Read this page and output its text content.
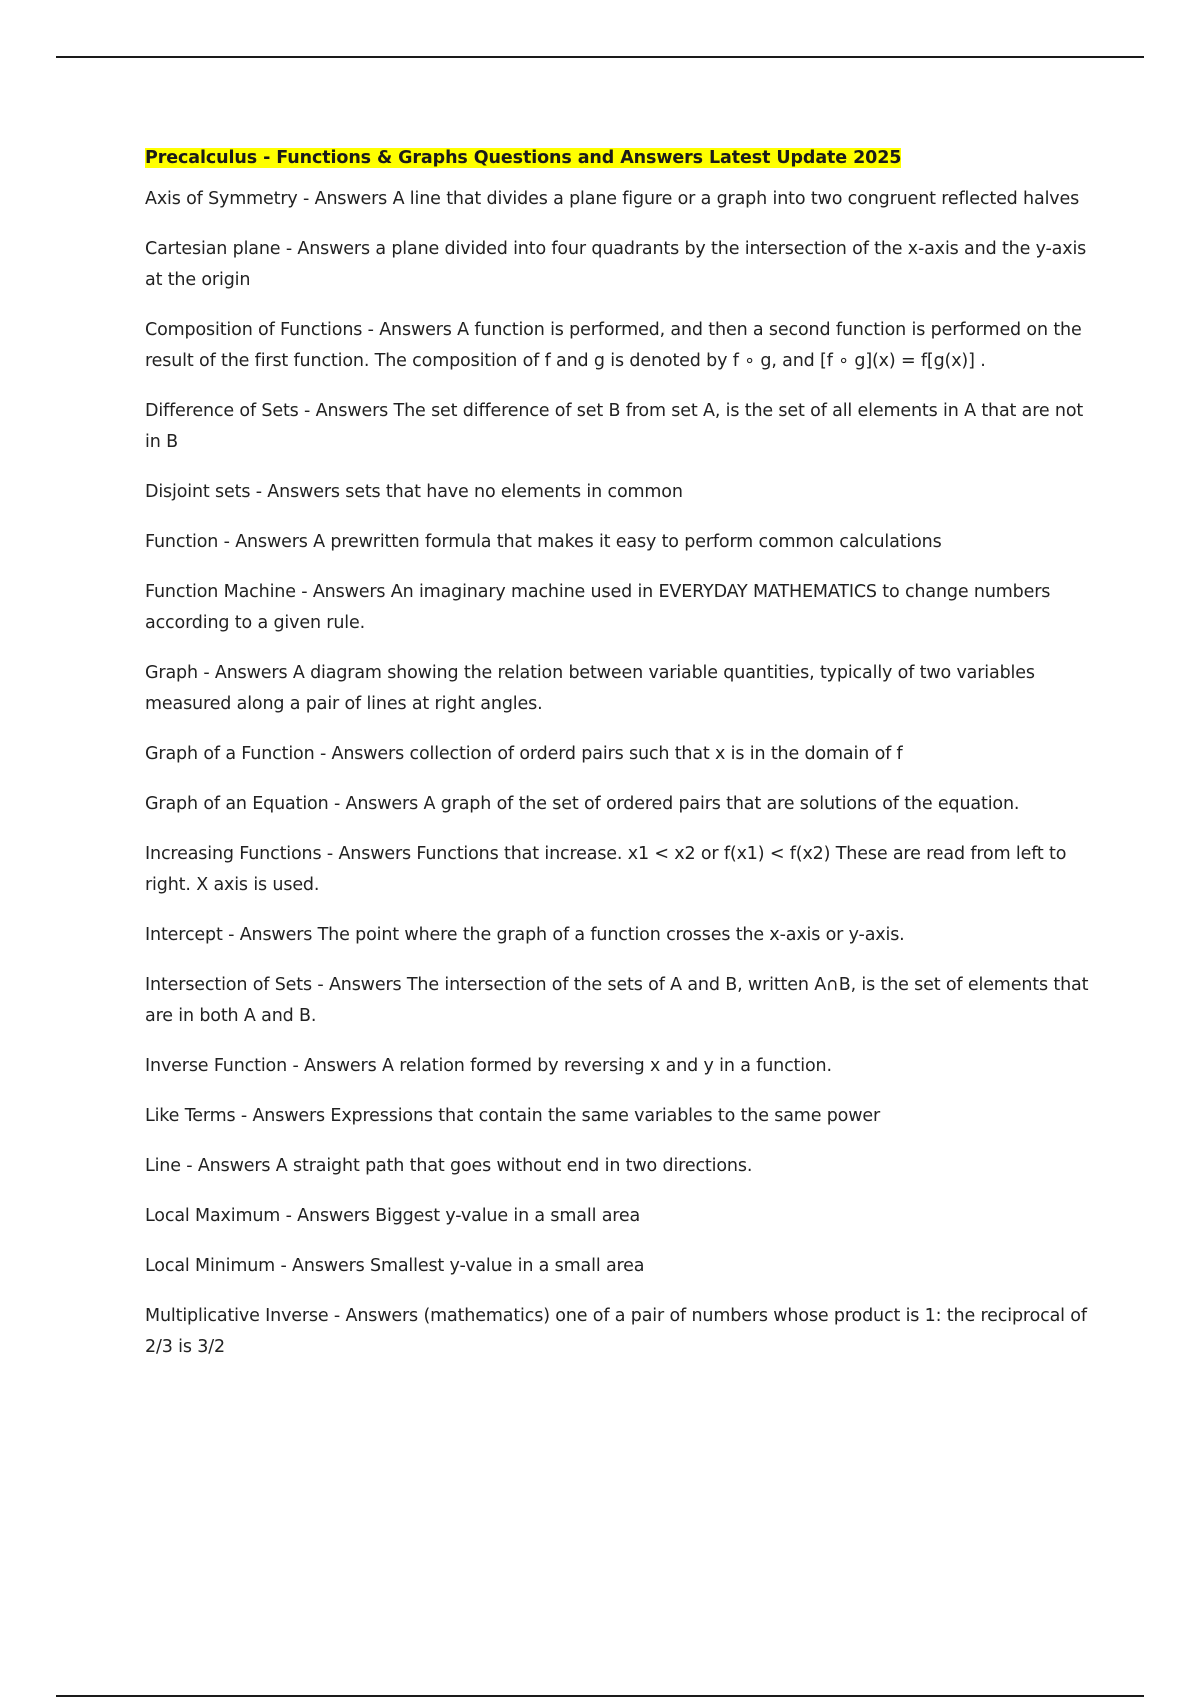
Precalculus - Functions & Graphs Questions and Answers Latest Update 2025

Axis of Symmetry - Answers A line that divides a plane figure or a graph into two congruent reflected halves

Cartesian plane - Answers a plane divided into four quadrants by the intersection of the x-axis and the y-axis at the origin

Composition of Functions - Answers A function is performed, and then a second function is performed on the result of the first function. The composition of f and g is denoted by f ∘ g, and [f ∘ g](x) = f[g(x)] .

Difference of Sets - Answers The set difference of set B from set A, is the set of all elements in A that are not in B

Disjoint sets - Answers sets that have no elements in common

Function - Answers A prewritten formula that makes it easy to perform common calculations

Function Machine - Answers An imaginary machine used in EVERYDAY MATHEMATICS to change numbers according to a given rule.

Graph - Answers A diagram showing the relation between variable quantities, typically of two variables measured along a pair of lines at right angles.

Graph of a Function - Answers collection of orderd pairs such that x is in the domain of f

Graph of an Equation - Answers A graph of the set of ordered pairs that are solutions of the equation.

Increasing Functions - Answers Functions that increase. x1 < x2 or f(x1) < f(x2) These are read from left to right. X axis is used.

Intercept - Answers The point where the graph of a function crosses the x-axis or y-axis.

Intersection of Sets - Answers The intersection of the sets of A and B, written A∩B, is the set of elements that are in both A and B.

Inverse Function - Answers A relation formed by reversing x and y in a function.

Like Terms - Answers Expressions that contain the same variables to the same power

Line - Answers A straight path that goes without end in two directions.

Local Maximum - Answers Biggest y-value in a small area

Local Minimum - Answers Smallest y-value in a small area

Multiplicative Inverse - Answers (mathematics) one of a pair of numbers whose product is 1: the reciprocal of 2/3 is 3/2
